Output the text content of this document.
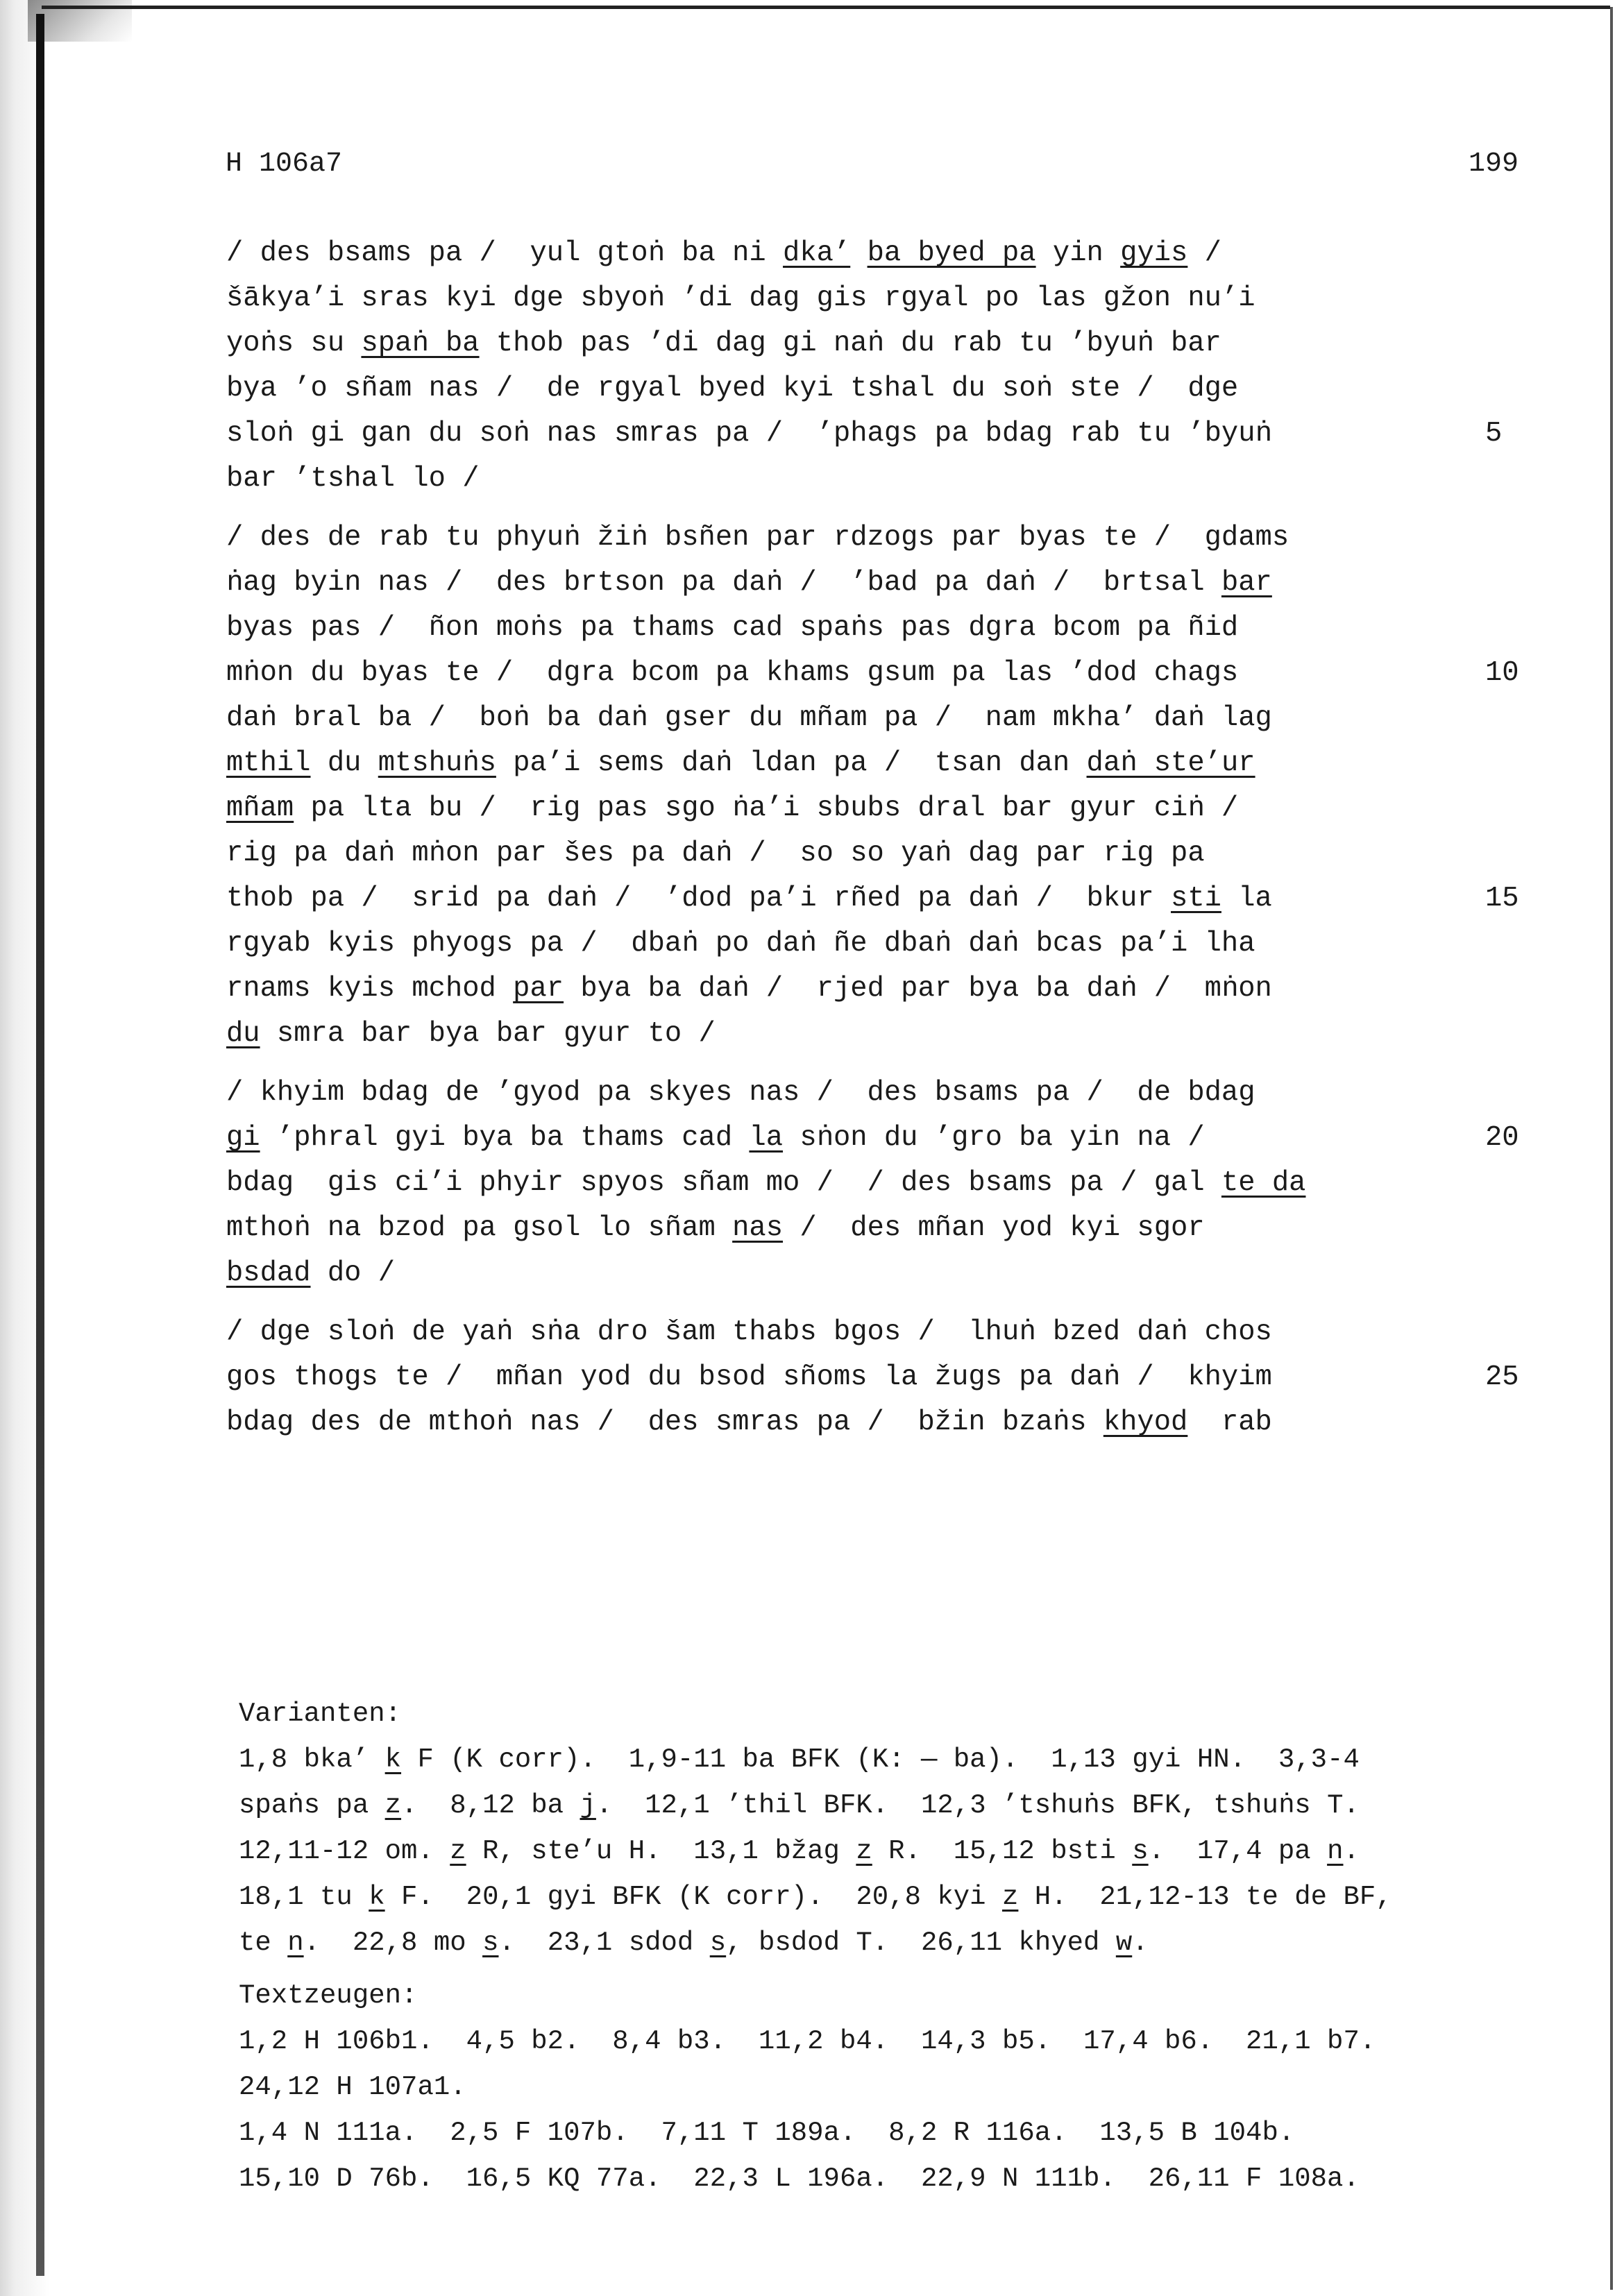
H 106a7	199
/ des bsams pa /  yul gtoṅ ba ni dka’ ba byed pa yin gyis /
šākya’i sras kyi dge sbyoṅ ’di dag gis rgyal po las gžon nu’i
yoṅs su spaṅ ba thob pas ’di dag gi naṅ du rab tu ’byuṅ bar
bya ’o sñam nas /  de rgyal byed kyi tshal du soṅ ste /  dge
sloṅ gi gan du soṅ nas smras pa /  ’phags pa bdag rab tu ’byuṅ
bar ’tshal lo /
/ des de rab tu phyuṅ žiṅ bsñen par rdzogs par byas te /  gdams
ṅag byin nas /  des brtson pa daṅ /  ’bad pa daṅ /  brtsal bar
byas pas /  ñon moṅs pa thams cad spaṅs pas dgra bcom pa ñid
mṅon du byas te /  dgra bcom pa khams gsum pa las ’dod chags
daṅ bral ba /  boṅ ba daṅ gser du mñam pa /  nam mkha’ daṅ lag
mthil du mtshuṅs pa’i sems daṅ ldan pa /  tsan dan daṅ ste’ur
mñam pa lta bu /  rig pas sgo ṅa’i sbubs dral bar gyur ciṅ /
rig pa daṅ mṅon par šes pa daṅ /  so so yaṅ dag par rig pa
thob pa /  srid pa daṅ /  ’dod pa’i rñed pa daṅ /  bkur sti la
rgyab kyis phyogs pa /  dbaṅ po daṅ ñe dbaṅ daṅ bcas pa’i lha
rnams kyis mchod par bya ba daṅ /  rjed par bya ba daṅ /  mṅon
du smra bar bya bar gyur to /
/ khyim bdag de ’gyod pa skyes nas /  des bsams pa /  de bdag
gi ’phral gyi bya ba thams cad la sṅon du ’gro ba yin na /
bdag  gis ci’i phyir spyos sñam mo /  / des bsams pa / gal te da
mthoṅ na bzod pa gsol lo sñam nas /  des mñan yod kyi sgor
bsdad do /
/ dge sloṅ de yaṅ sṅa dro šam thabs bgos /  lhuṅ bzed daṅ chos
gos thogs te /  mñan yod du bsod sñoms la žugs pa daṅ /  khyim
bdag des de mthoṅ nas /  des smras pa /  bžin bzaṅs khyod  rab
5
10
15
20
25
Varianten:
1,8 bka’ k F (K corr).  1,9-11 ba BFK (K: — ba).  1,13 gyi HN.  3,3-4
spaṅs pa z.  8,12 ba j.  12,1 ’thil BFK.  12,3 ’tshuṅs BFK, tshuṅs T.
12,11-12 om. z R, ste’u H.  13,1 bžag z R.  15,12 bsti s.  17,4 pa n.
18,1 tu k F.  20,1 gyi BFK (K corr).  20,8 kyi z H.  21,12-13 te de BF,
te n.  22,8 mo s.  23,1 sdod s, bsdod T.  26,11 khyed w.
Textzeugen:
1,2 H 106b1.  4,5 b2.  8,4 b3.  11,2 b4.  14,3 b5.  17,4 b6.  21,1 b7.
24,12 H 107a1.
1,4 N 111a.  2,5 F 107b.  7,11 T 189a.  8,2 R 116a.  13,5 B 104b.
15,10 D 76b.  16,5 KQ 77a.  22,3 L 196a.  22,9 N 111b.  26,11 F 108a.
